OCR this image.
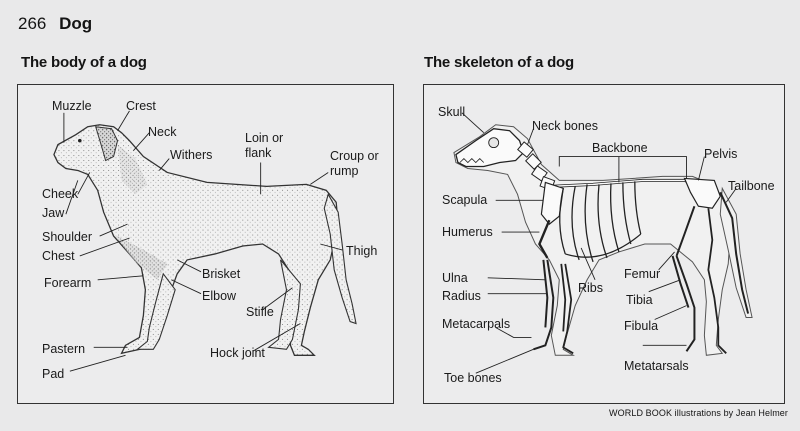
266 Dog
The body of a dog	The skeleton of a dog
Muzzle	Crest
Neck
Withers
Loin or
flank	Croup or
rump
Cheek
Jaw
Shoulder
Chest
Forearm
Brisket
Elbow
Thigh
Stifle
Pastern	Hock joint
Pad
Skull
Neck bones
Backbone	Pelvis
Tailbone
Scapula
Humerus
Ulna
Radius
Ribs
Femur
Tibia
Fibula
Metacarpals
Metatarsals
Toe bones
WORLD BOOK illustrations by Jean Helmer
